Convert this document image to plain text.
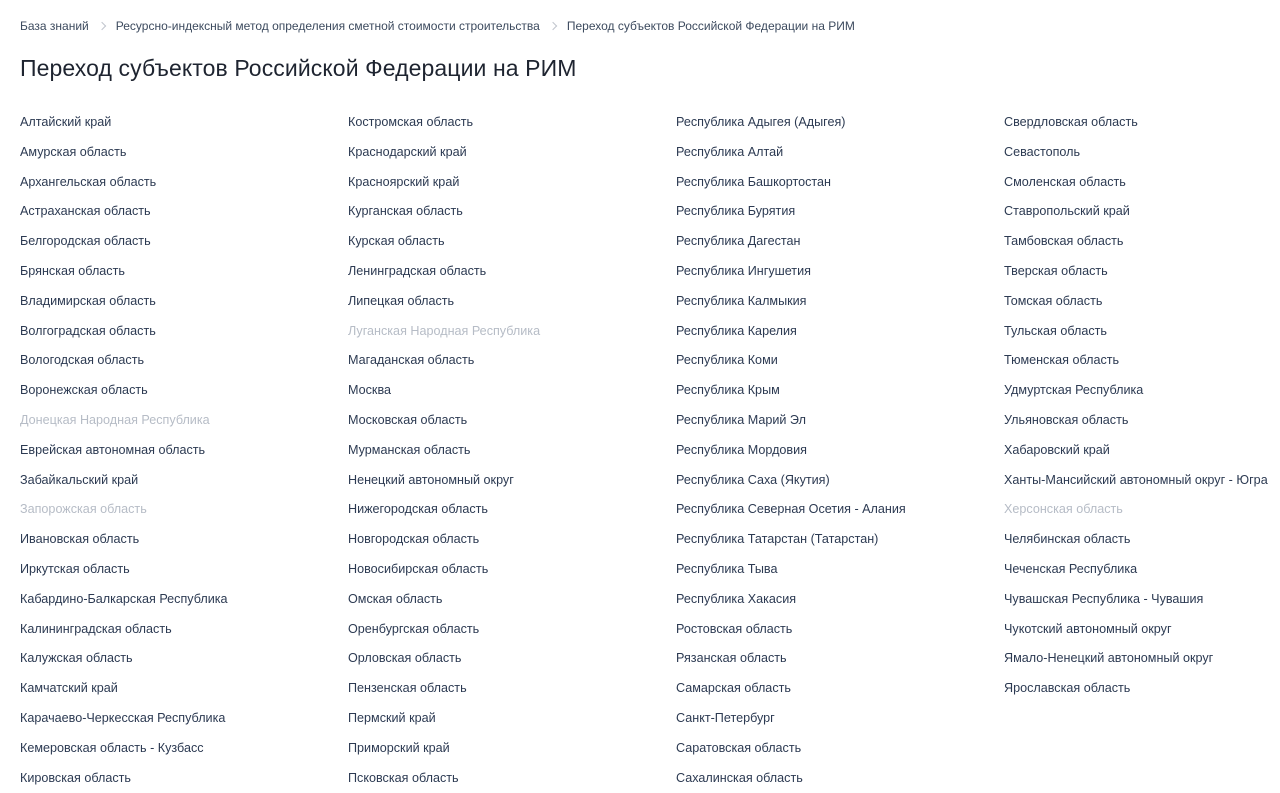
База знаний Ресурсно-индексный метод определения сметной стоимости строительства Переход субъектов Российской Федерации на РИМ
Переход субъектов Российской Федерации на РИМ
Алтайский край
Амурская область
Архангельская область
Астраханская область
Белгородская область
Брянская область
Владимирская область
Волгоградская область
Вологодская область
Воронежская область
Донецкая Народная Республика
Еврейская автономная область
Забайкальский край
Запорожская область
Ивановская область
Иркутская область
Кабардино-Балкарская Республика
Калининградская область
Калужская область
Камчатский край
Карачаево-Черкесская Республика
Кемеровская область - Кузбасс
Кировская область
Костромская область
Краснодарский край
Красноярский край
Курганская область
Курская область
Ленинградская область
Липецкая область
Луганская Народная Республика
Магаданская область
Москва
Московская область
Мурманская область
Ненецкий автономный округ
Нижегородская область
Новгородская область
Новосибирская область
Омская область
Оренбургская область
Орловская область
Пензенская область
Пермский край
Приморский край
Псковская область
Республика Адыгея (Адыгея)
Республика Алтай
Республика Башкортостан
Республика Бурятия
Республика Дагестан
Республика Ингушетия
Республика Калмыкия
Республика Карелия
Республика Коми
Республика Крым
Республика Марий Эл
Республика Мордовия
Республика Саха (Якутия)
Республика Северная Осетия - Алания
Республика Татарстан (Татарстан)
Республика Тыва
Республика Хакасия
Ростовская область
Рязанская область
Самарская область
Санкт-Петербург
Саратовская область
Сахалинская область
Свердловская область
Севастополь
Смоленская область
Ставропольский край
Тамбовская область
Тверская область
Томская область
Тульская область
Тюменская область
Удмуртская Республика
Ульяновская область
Хабаровский край
Ханты-Мансийский автономный округ - Югра
Херсонская область
Челябинская область
Чеченская Республика
Чувашская Республика - Чувашия
Чукотский автономный округ
Ямало-Ненецкий автономный округ
Ярославская область
